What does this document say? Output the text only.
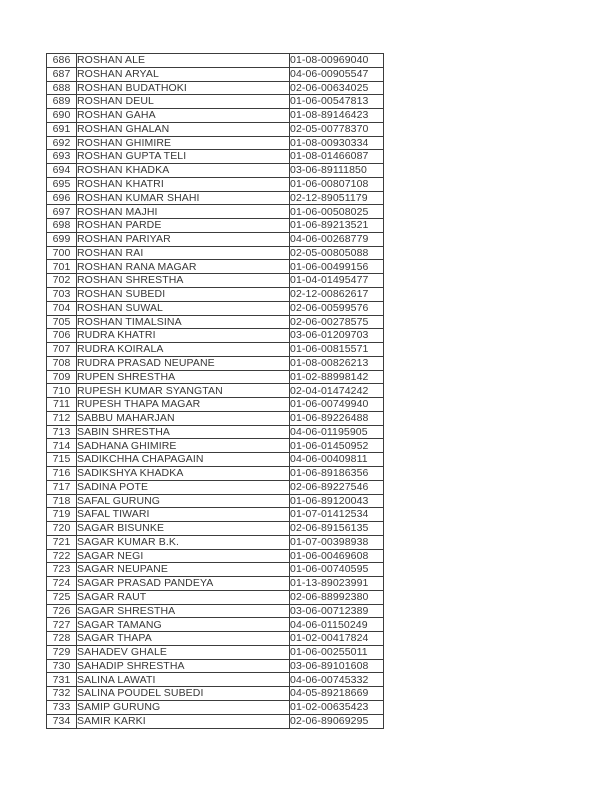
686	ROSHAN ALE	01-08-00969040
687	ROSHAN ARYAL	04-06-00905547
688	ROSHAN BUDATHOKI	02-06-00634025
689	ROSHAN DEUL	01-06-00547813
690	ROSHAN GAHA	01-08-89146423
691	ROSHAN GHALAN	02-05-00778370
692	ROSHAN GHIMIRE	01-08-00930334
693	ROSHAN GUPTA TELI	01-08-01466087
694	ROSHAN KHADKA	03-06-89111850
695	ROSHAN KHATRI	01-06-00807108
696	ROSHAN KUMAR SHAHI	02-12-89051179
697	ROSHAN MAJHI	01-06-00508025
698	ROSHAN PARDE	01-06-89213521
699	ROSHAN PARIYAR	04-06-00268779
700	ROSHAN RAI	02-05-00805088
701	ROSHAN RANA MAGAR	01-06-00499156
702	ROSHAN SHRESTHA	01-04-01495477
703	ROSHAN SUBEDI	02-12-00862617
704	ROSHAN SUWAL	02-06-00599576
705	ROSHAN TIMALSINA	02-06-00278575
706	RUDRA KHATRI	03-06-01209703
707	RUDRA KOIRALA	01-06-00815571
708	RUDRA PRASAD NEUPANE	01-08-00826213
709	RUPEN SHRESTHA	01-02-88998142
710	RUPESH KUMAR SYANGTAN	02-04-01474242
711	RUPESH THAPA MAGAR	01-06-00749940
712	SABBU MAHARJAN	01-06-89226488
713	SABIN SHRESTHA	04-06-01195905
714	SADHANA GHIMIRE	01-06-01450952
715	SADIKCHHA CHAPAGAIN	04-06-00409811
716	SADIKSHYA KHADKA	01-06-89186356
717	SADINA POTE	02-06-89227546
718	SAFAL GURUNG	01-06-89120043
719	SAFAL TIWARI	01-07-01412534
720	SAGAR BISUNKE	02-06-89156135
721	SAGAR KUMAR B.K.	01-07-00398938
722	SAGAR NEGI	01-06-00469608
723	SAGAR NEUPANE	01-06-00740595
724	SAGAR PRASAD PANDEYA	01-13-89023991
725	SAGAR RAUT	02-06-88992380
726	SAGAR SHRESTHA	03-06-00712389
727	SAGAR TAMANG	04-06-01150249
728	SAGAR THAPA	01-02-00417824
729	SAHADEV GHALE	01-06-00255011
730	SAHADIP SHRESTHA	03-06-89101608
731	SALINA LAWATI	04-06-00745332
732	SALINA POUDEL SUBEDI	04-05-89218669
733	SAMIP GURUNG	01-02-00635423
734	SAMIR KARKI	02-06-89069295
